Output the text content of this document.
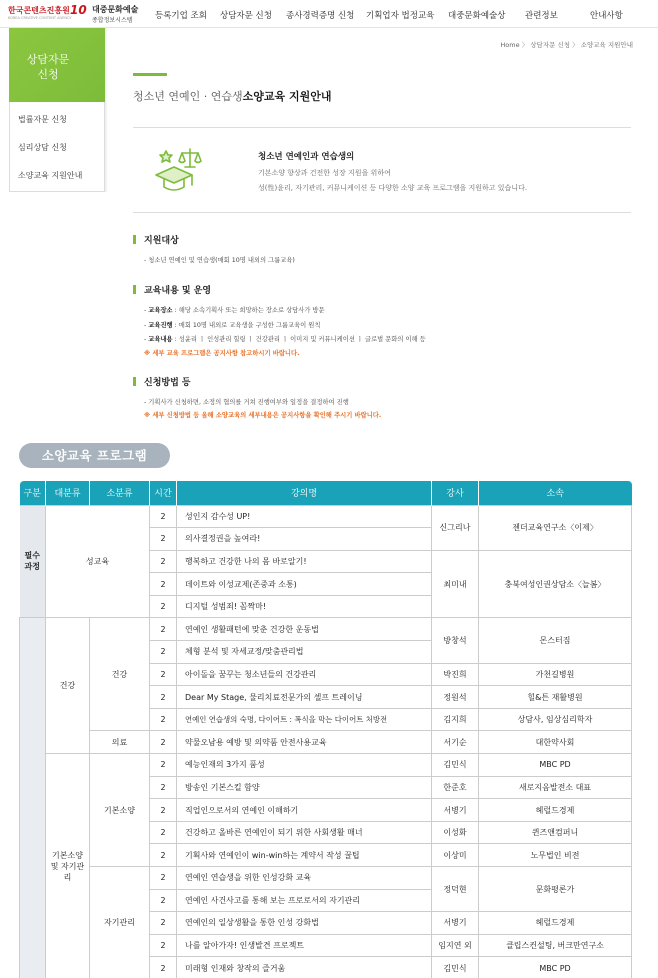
한국콘텐츠진흥원
KOREA CREATIVE CONTENT AGENCY
10 대중문화예술
종합정보시스템	등록기업 조회 상담자문 신청 종사경력증명 신청 기획업자 법정교육 대중문화예술상 관련정보	안내사항
상담자문 신청
법률자문 신청
심리상담 신청
소양교육 지원안내
Home 〉 상담자문 신청 〉 소양교육 지원안내
청소년 연예인 · 연습생소양교육 지원안내
청소년 연예인과 연습생의
기본소양 향상과 건전한 성장 지원을 위하여
성(性)윤리, 자기관리, 커뮤니케이션 등 다양한 소양 교육 프로그램을 지원하고 있습니다.
지원대상
- 청소년 연예인 및 연습생(매회 10명 내외의 그룹교육)
교육내용 및 운영
- 교육장소 : 해당 소속기획사 또는 희망하는 장소로 상담사가 방문
- 교육진행 : 매회 10명 내외로 교육생을 구성한 그룹교육이 원칙
- 교육내용 : 성윤리 ㅣ 인성관리 힐링 ㅣ 건강관리 ㅣ 이미지 및 커뮤니케이션 ㅣ 글로벌 문화의 이해 등
※ 세부 교육 프로그램은 공지사항 참고하시기 바랍니다.
신청방법 등
- 기획사가 신청하면, 소정의 협의를 거쳐 진행여부와 일정을 결정하여 진행
※ 세부 신청방법 등 올해 소양교육의 세부내용은 공지사항을 확인해 주시기 바랍니다.
소양교육 프로그램
구분	대분류	소분류	시간	강의명	강사	소속
필수과정	성교육		2	성인지 감수성 UP!	신그리나	젠더교육연구소〈이제〉
			2	의사결정권을 높여라!		
			2	행복하고 건강한 나의 몸 바로알기!	최미내	충북여성인권상담소〈늘봄〉
			2	데이트와 이성교제(존중과 소통)		
			2	디지털 성범죄! 꼼짝마!		
	건강	건강	2	연예인 생활패턴에 맞춘 건강한 운동법	방창석	몬스터짐
			2	체형 분석 및 자세교정/맞춤관리법		
			2	아이돌을 꿈꾸는 청소년들의 건강관리	박진희	가천길병원
			2	Dear My Stage, 물리치료전문가의 셀프 트레이닝	정원석	힐&튼 재활병원
			2	연예인 연습생의 숙명, 다이어트 : 폭식을 막는 다이어트 처방전	김지희	상담사, 임상심리학자
		의료	2	약물오남용 예방 및 의약품 안전사용교육	서기순	대한약사회
	기본소양 및 자기관리	기본소양	2	예능인재의 3가지 품성	김민식	MBC PD
			2	방송인 기본스킬 함양	한준호	새로지음발전소 대표
			2	직업인으로서의 연예인 이해하기	서병기	헤럴드경제
			2	건강하고 올바른 연예인이 되기 위한 사회생활 매너	이성화	퀸즈앤컴퍼니
			2	기획사와 연예인이 win-win하는 계약서 작성 꿀팁	이상미	노무법인 비전
		자기관리	2	연예인 연습생을 위한 인성강화 교육	정덕현	문화평론가
			2	연예인 사건사고를 통해 보는 프로로서의 자기관리		
			2	연예인의 일상생활을 통한 인성 강화법	서병기	헤럴드경제
			2	나를 알아가자! 인생발견 프로젝트	임지연 외	클립스컨설팅, 버크만연구소
			2	미래형 인재와 창작의 즐거움	김민식	MBC PD
